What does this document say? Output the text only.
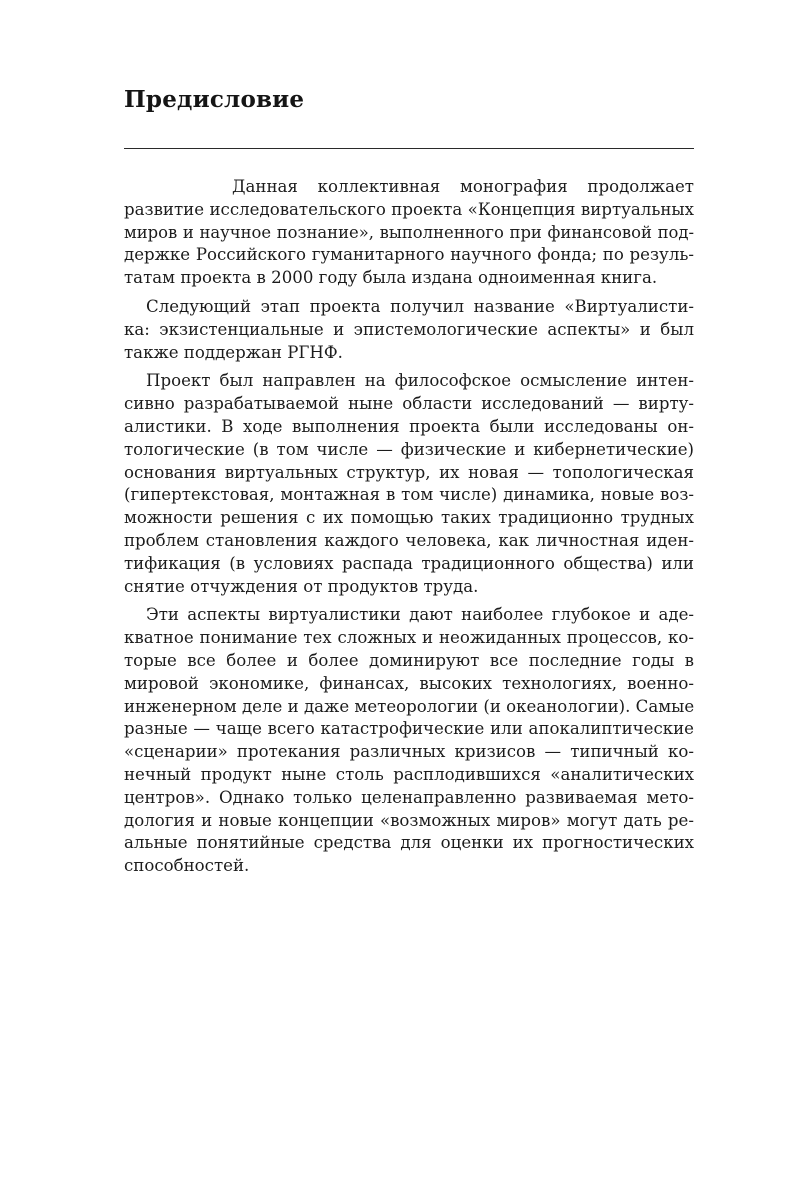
Предисловие
Данная коллективная монография продолжает
развитие исследовательского проекта «Концепция виртуальных
миров и научное познание», выполненного при финансовой под-
держке Российского гуманитарного научного фонда; по резуль-
татам проекта в 2000 году была издана одноименная книга.
Следующий этап проекта получил название «Виртуалисти-
ка: экзистенциальные и эпистемологические аспекты» и был
также поддержан РГНФ.
Проект был направлен на философское осмысление интен-
сивно разрабатываемой ныне области исследований — вирту-
алистики. В ходе выполнения проекта были исследованы он-
тологические (в том числе — физические и кибернетические)
основания виртуальных структур, их новая — топологическая
(гипертекстовая, монтажная в том числе) динамика, новые воз-
можности решения с их помощью таких традиционно трудных
проблем становления каждого человека, как личностная иден-
тификация (в условиях распада традиционного общества) или
снятие отчуждения от продуктов труда.
Эти аспекты виртуалистики дают наиболее глубокое и аде-
кватное понимание тех сложных и неожиданных процессов, ко-
торые все более и более доминируют все последние годы в
мировой экономике, финансах, высоких технологиях, военно-
инженерном деле и даже метеорологии (и океанологии). Самые
разные — чаще всего катастрофические или апокалиптические
«сценарии» протекания различных кризисов — типичный ко-
нечный продукт ныне столь расплодившихся «аналитических
центров». Однако только целенаправленно развиваемая мето-
дология и новые концепции «возможных миров» могут дать ре-
альные понятийные средства для оценки их прогностических
способностей.
